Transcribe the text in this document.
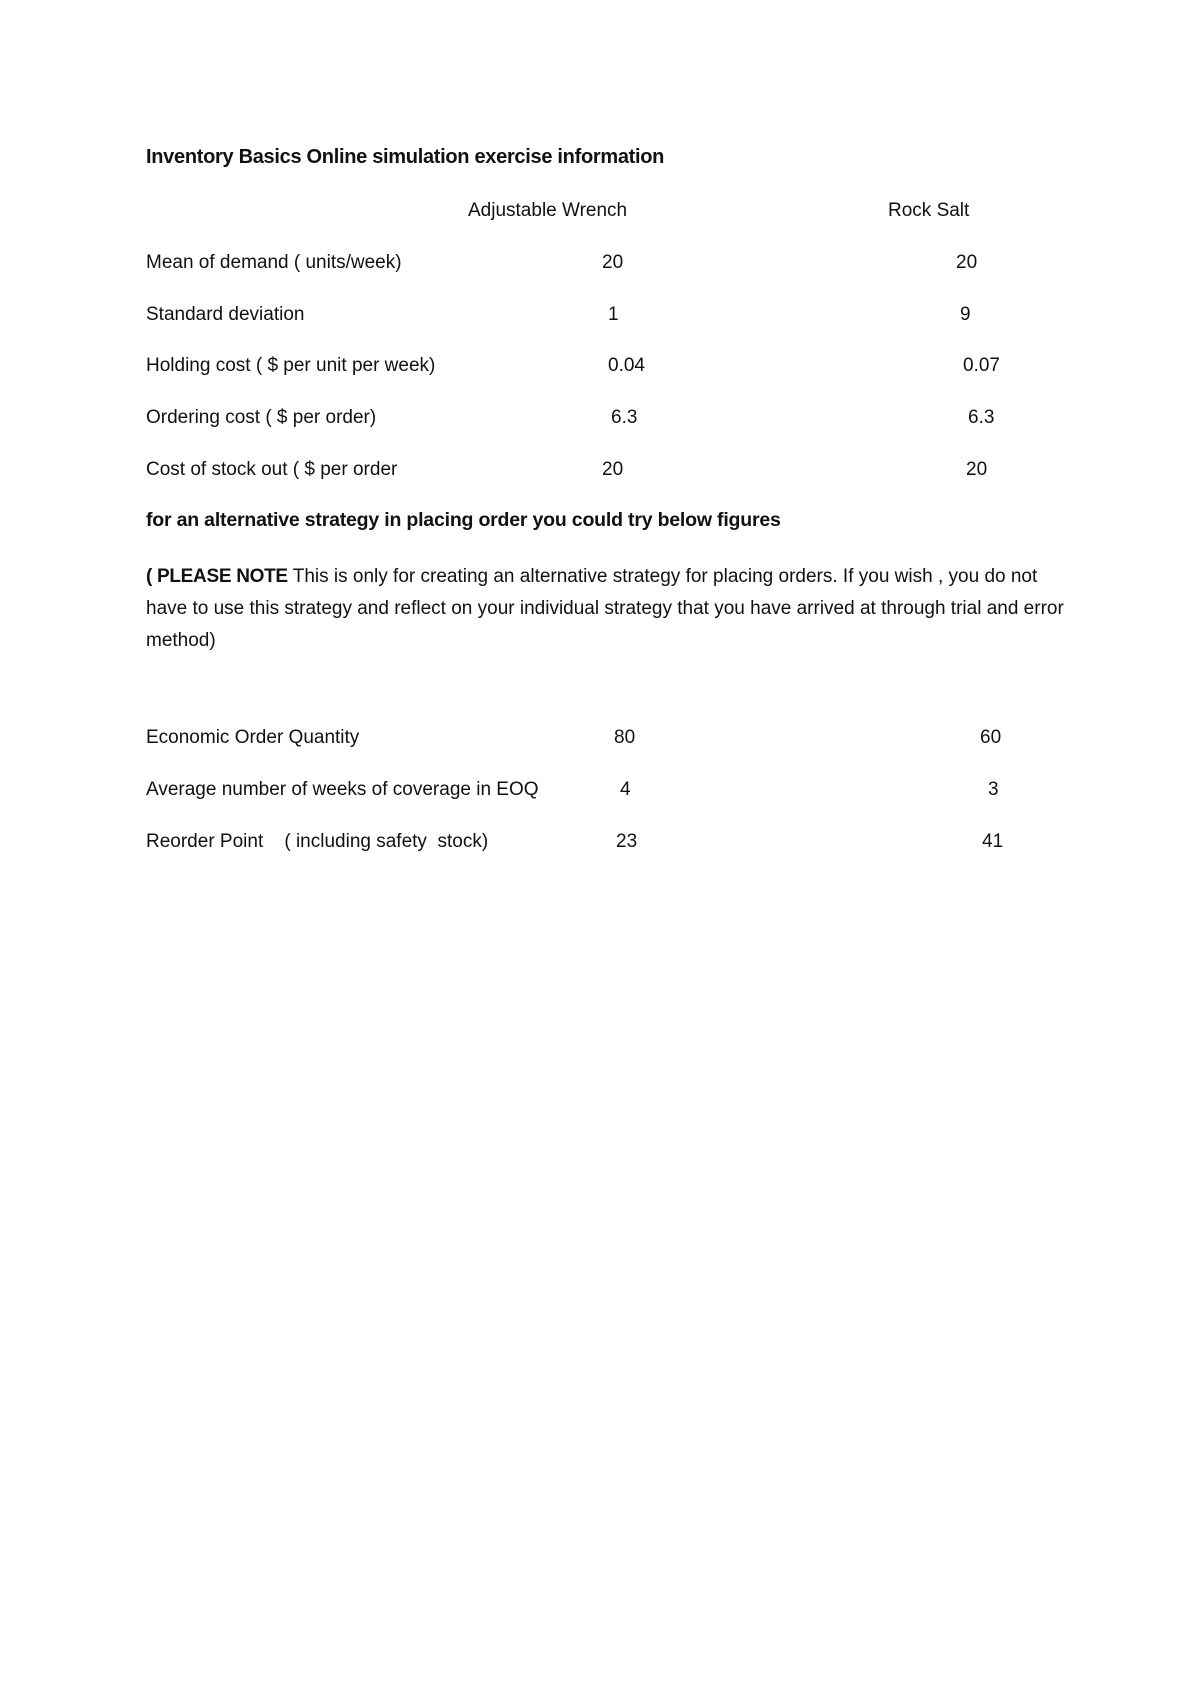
Inventory Basics Online simulation exercise information
Adjustable Wrench	Rock Salt
Mean of demand ( units/week)	20	20
Standard deviation	1	9
Holding cost ( $ per unit per week)	0.04	0.07
Ordering cost ( $ per order)	6.3	6.3
Cost of stock out ( $ per order	20	20
for an alternative strategy in placing order you could try below figures
( PLEASE NOTE This is only for creating an alternative strategy for placing orders. If you wish , you do not have to use this strategy and reflect on your individual strategy that you have arrived at through trial and error method)
Economic Order Quantity	80	60
Average number of weeks of coverage in EOQ	4	3
Reorder Point    ( including safety  stock)	23	41
